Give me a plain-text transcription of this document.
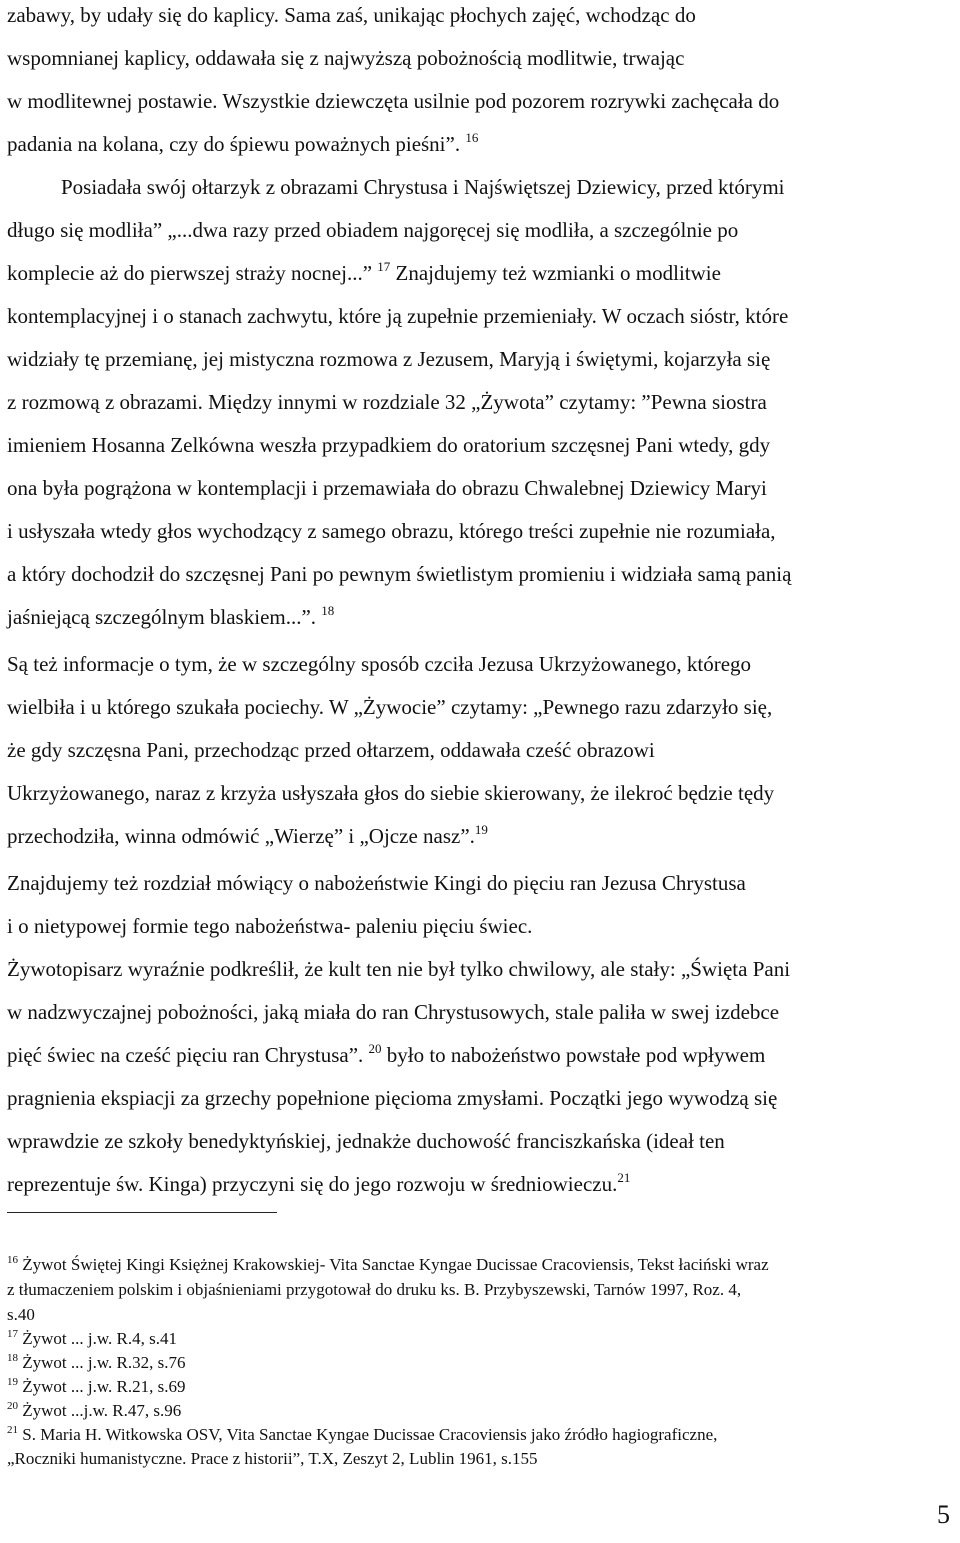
zabawy, by udały się do kaplicy. Sama zaś, unikając płochych zajęć, wchodząc do
wspomnianej kaplicy, oddawała się z najwyższą pobożnością modlitwie, trwając
w modlitewnej postawie. Wszystkie dziewczęta usilnie pod pozorem rozrywki zachęcała do
padania na kolana, czy do śpiewu poważnych pieśni”. $^{16}$
Posiadała swój ołtarzyk z obrazami Chrystusa i Najświętszej Dziewicy, przed którymi
długo się modliła” „...dwa razy przed obiadem najgoręcej się modliła, a szczególnie po
komplecie aż do pierwszej straży nocnej...” $^{17}$ Znajdujemy też wzmianki o modlitwie
kontemplacyjnej i o stanach zachwytu, które ją zupełnie przemieniały. W oczach sióstr, które
widziały tę przemianę, jej mistyczna rozmowa z Jezusem, Maryją i świętymi, kojarzyła się
z rozmową z obrazami. Między innymi w rozdziale 32 „Żywota” czytamy: ”Pewna siostra
imieniem Hosanna Zelkówna weszła przypadkiem do oratorium szczęsnej Pani wtedy, gdy
ona była pogrążona w kontemplacji i przemawiała do obrazu Chwalebnej Dziewicy Maryi
i usłyszała wtedy głos wychodzący z samego obrazu, którego treści zupełnie nie rozumiała,
a który dochodził do szczęsnej Pani po pewnym świetlistym promieniu i widziała samą panią
jaśniejącą szczególnym blaskiem...”. $^{18}$
Są też informacje o tym, że w szczególny sposób czciła Jezusa Ukrzyżowanego, którego
wielbiła i u którego szukała pociechy. W „Żywocie” czytamy: „Pewnego razu zdarzyło się,
że gdy szczęsna Pani, przechodząc przed ołtarzem, oddawała cześć obrazowi
Ukrzyżowanego, naraz z krzyża usłyszała głos do siebie skierowany, że ilekroć będzie tędy
przechodziła, winna odmówić „Wierzę” i „Ojcze nasz”.$^{19}$
Znajdujemy też rozdział mówiący o nabożeństwie Kingi do pięciu ran Jezusa Chrystusa
i o nietypowej formie tego nabożeństwa- paleniu pięciu świec.
Żywotopisarz wyraźnie podkreślił, że kult ten nie był tylko chwilowy, ale stały: „Święta Pani
w nadzwyczajnej pobożności, jaką miała do ran Chrystusowych, stale paliła w swej izdebce
pięć świec na cześć pięciu ran Chrystusa”. $^{20}$ było to nabożeństwo powstałe pod wpływem
pragnienia ekspiacji za grzechy popełnione pięcioma zmysłami. Początki jego wywodzą się
wprawdzie ze szkoły benedyktyńskiej, jednakże duchowość franciszkańska (ideał ten
reprezentuje św. Kinga) przyczyni się do jego rozwoju w średniowieczu.$^{21}$
$^{16}$ Żywot Świętej Kingi Księżnej Krakowskiej- Vita Sanctae Kyngae Ducissae Cracoviensis, Tekst łaciński wraz
z tłumaczeniem polskim i objaśnieniami przygotował do druku ks. B. Przybyszewski, Tarnów 1997, Roz. 4,
s.40
$^{17}$ Żywot ... j.w. R.4, s.41
$^{18}$ Żywot ... j.w. R.32, s.76
$^{19}$ Żywot ... j.w. R.21, s.69
$^{20}$ Żywot ...j.w. R.47, s.96
$^{21}$ S. Maria H. Witkowska OSV, Vita Sanctae Kyngae Ducissae Cracoviensis jako źródło hagiograficzne,
„Roczniki humanistyczne. Prace z historii”, T.X, Zeszyt 2, Lublin 1961, s.155
5
